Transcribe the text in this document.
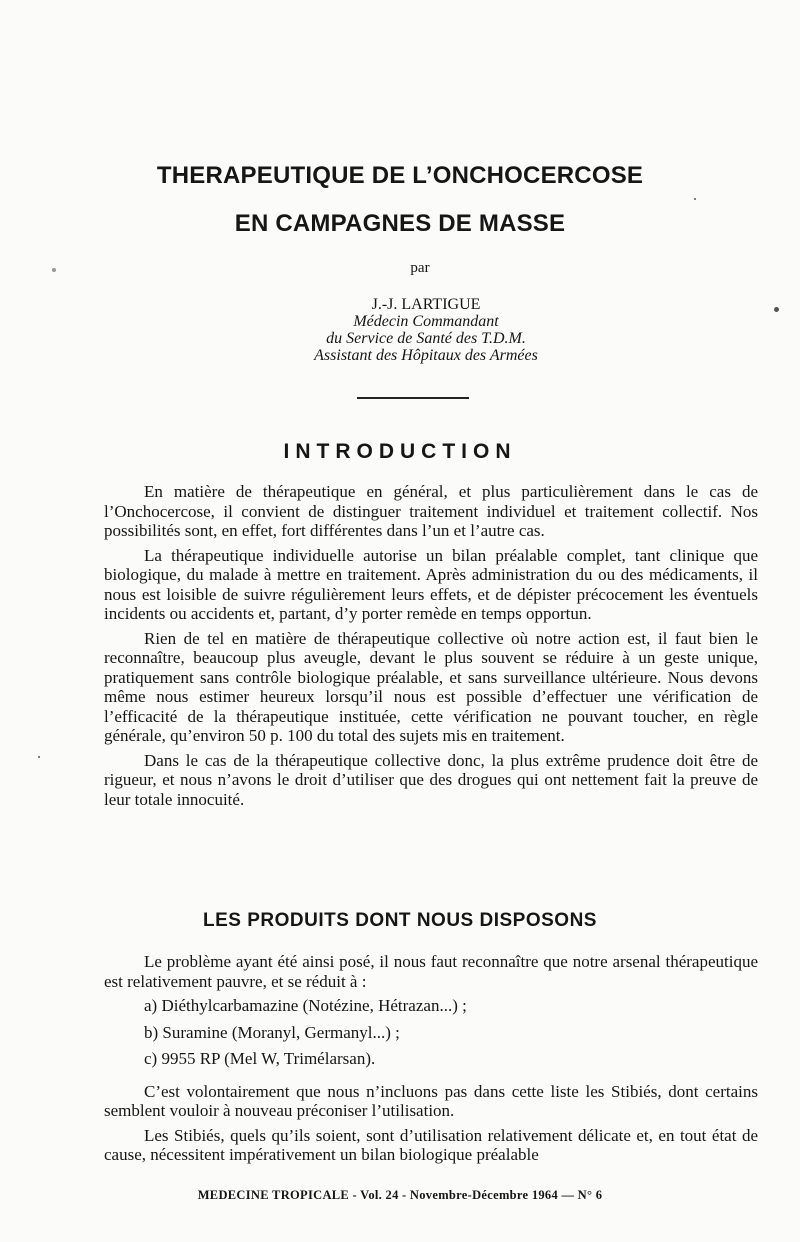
THERAPEUTIQUE DE L’ONCHOCERCOSE
EN CAMPAGNES DE MASSE
par
J.-J. LARTIGUE
Médecin Commandant
du Service de Santé des T.D.M.
Assistant des Hôpitaux des Armées
INTRODUCTION

En matière de thérapeutique en général, et plus particulièrement dans le cas de l’Onchocercose, il convient de distinguer traitement individuel et traitement collectif. Nos possibilités sont, en effet, fort différentes dans l’un et l’autre cas.

La thérapeutique individuelle autorise un bilan préalable complet, tant clinique que biologique, du malade à mettre en traitement. Après administration du ou des médicaments, il nous est loisible de suivre régulièrement leurs effets, et de dépister précocement les éventuels incidents ou accidents et, partant, d’y porter remède en temps opportun.

Rien de tel en matière de thérapeutique collective où notre action est, il faut bien le reconnaître, beaucoup plus aveugle, devant le plus souvent se réduire à un geste unique, pratiquement sans contrôle biologique préalable, et sans surveillance ultérieure. Nous devons même nous estimer heureux lorsqu’il nous est possible d’effectuer une vérification de l’efficacité de la thérapeutique instituée, cette vérification ne pouvant toucher, en règle générale, qu’environ 50 p. 100 du total des sujets mis en traitement.

Dans le cas de la thérapeutique collective donc, la plus extrême prudence doit être de rigueur, et nous n’avons le droit d’utiliser que des drogues qui ont nettement fait la preuve de leur totale innocuité.

LES PRODUITS DONT NOUS DISPOSONS

Le problème ayant été ainsi posé, il nous faut reconnaître que notre arsenal thérapeutique est relativement pauvre, et se réduit à :

a) Diéthylcarbamazine (Notézine, Hétrazan...) ;

b) Suramine (Moranyl, Germanyl...) ;

c) 9955 RP (Mel W, Trimélarsan).

C’est volontairement que nous n’incluons pas dans cette liste les Stibiés, dont certains semblent vouloir à nouveau préconiser l’utilisation.

Les Stibiés, quels qu’ils soient, sont d’utilisation relativement délicate et, en tout état de cause, nécessitent impérativement un bilan biologique préalable

MEDECINE TROPICALE - Vol. 24 - Novembre-Décembre 1964 — N° 6
